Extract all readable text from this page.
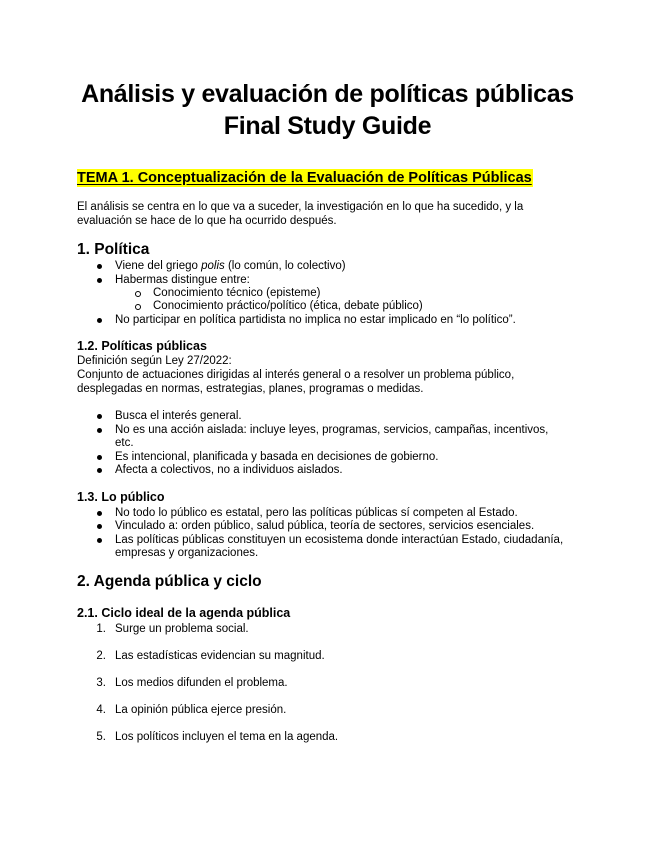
Análisis y evaluación de políticas públicas
Final Study Guide
TEMA 1. Conceptualización de la Evaluación de Políticas Públicas
El análisis se centra en lo que va a suceder, la investigación en lo que ha sucedido, y la
evaluación se hace de lo que ha ocurrido después.
1. Política
Viene del griego polis (lo común, lo colectivo)
Habermas distingue entre:
Conocimiento técnico (episteme)
Conocimiento práctico/político (ética, debate público)
No participar en política partidista no implica no estar implicado en “lo político”.
1.2. Políticas públicas
Definición según Ley 27/2022:
Conjunto de actuaciones dirigidas al interés general o a resolver un problema público,
desplegadas en normas, estrategias, planes, programas o medidas.
Busca el interés general.
No es una acción aislada: incluye leyes, programas, servicios, campañas, incentivos,
etc.
Es intencional, planificada y basada en decisiones de gobierno.
Afecta a colectivos, no a individuos aislados.
1.3. Lo público
No todo lo público es estatal, pero las políticas públicas sí competen al Estado.
Vinculado a: orden público, salud pública, teoría de sectores, servicios esenciales.
Las políticas públicas constituyen un ecosistema donde interactúan Estado, ciudadanía,
empresas y organizaciones.
2. Agenda pública y ciclo
2.1. Ciclo ideal de la agenda pública
1. Surge un problema social.
2. Las estadísticas evidencian su magnitud.
3. Los medios difunden el problema.
4. La opinión pública ejerce presión.
5. Los políticos incluyen el tema en la agenda.
